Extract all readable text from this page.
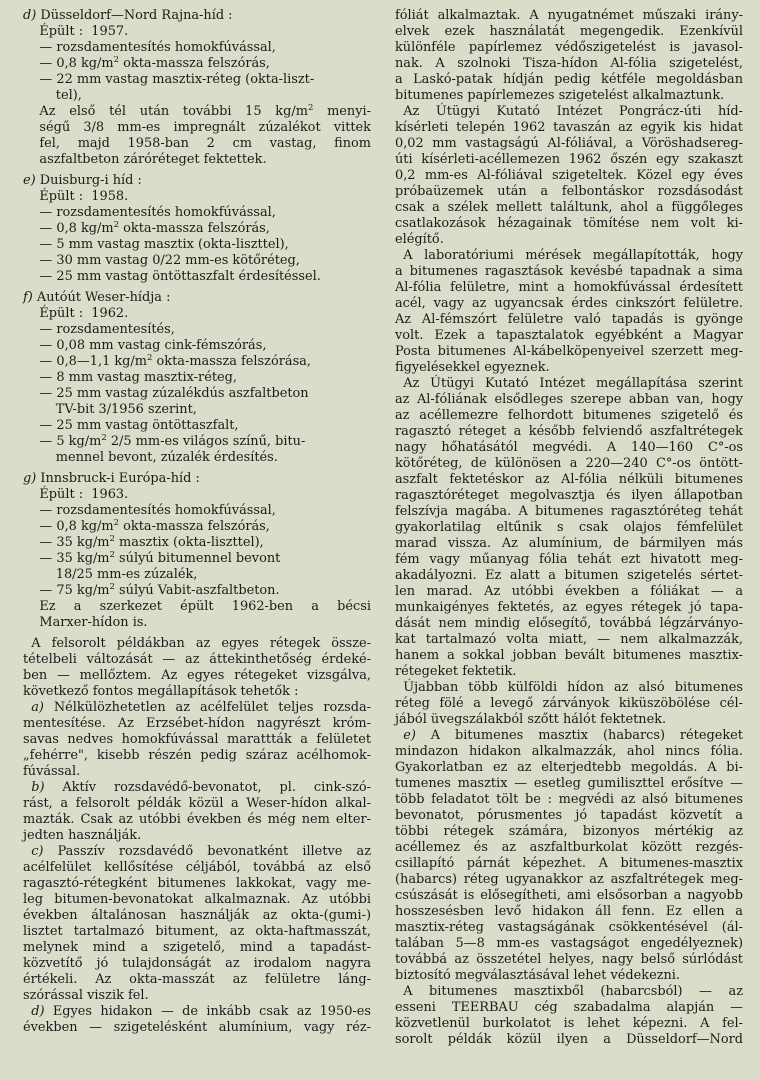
d) Düsseldorf—Nord Rajna-híd :
Épült :  1957.
— rozsdamentesítés homokfúvással,
— 0,8 $kg/m^2$ okta-massza felszórás,
— 22 mm vastag masztix-réteg (okta-liszt-
tel),

Az első tél után további 15 $kg/m^2$ menyi-

ségű 3/8 mm-es impregnált zúzalékot vittek

fel, majd 1958-ban 2 cm vastag, finom
aszfaltbeton záróréteget fektettek.
e) Duisburg-i híd :
Épült :  1958.
— rozsdamentesítés homokfúvással,
— 0,8 $kg/m^2$ okta-massza felszórás,
— 5 mm vastag masztix (okta-liszttel),
— 30 mm vastag 0/22 mm-es kötőréteg,
— 25 mm vastag öntöttaszfalt érdesítéssel.
f) Autóút Weser-hídja :
Épült :  1962.
— rozsdamentesítés,
— 0,08 mm vastag cink-fémszórás,
— 0,8—1,1 $kg/m^2$ okta-massza felszórása,
— 8 mm vastag masztix-réteg,
— 25 mm vastag zúzalékdús aszfaltbeton
TV-bit 3/1956 szerint,
— 25 mm vastag öntöttaszfalt,
— 5 $kg/m^2$ 2/5 mm-es világos színű, bitu-
mennel bevont, zúzalék érdesítés.
g) Innsbruck-i Európa-híd :
Épült :  1963.
— rozsdamentesítés homokfúvással,
— 0,8 $kg/m^2$ okta-massza felszórás,
— 35 $kg/m^2$ masztix (okta-liszttel),
— 35 $kg/m^2$ súlyú bitumennel bevont
18/25 mm-es zúzalék,
— 75 $kg/m^2$ súlyú Vabit-aszfaltbeton.

Ez a szerkezet épült 1962-ben a bécsi
Marxer-hídon is.

A felsorolt példákban az egyes rétegek össze-
tételbeli változását — az áttekinthetőség érdeké-
ben — mellőztem. Az egyes rétegeket vizsgálva,
következő fontos megállapítások tehetők :

a) Nélkülözhetetlen az acélfelület teljes rozsda-
mentesítése. Az Erzsébet-hídon nagyrészt króm-
savas nedves homokfúvással marattták a felületet
„fehérre", kisebb részén pedig száraz acélhomok-
fúvással.

b) Aktív rozsdavédő-bevonatot, pl. cink-szó-
rást, a felsorolt példák közül a Weser-hídon alkal-
mazták. Csak az utóbbi években és még nem elter-
jedten használják.

c) Passzív rozsdavédő bevonatként illetve az
acélfelület kellősítése céljából, továbbá az első
ragasztó-rétegként bitumenes lakkokat, vagy me-
leg bitumen-bevonatokat alkalmaznak. Az utóbbi
években általánosan használják az okta-(gumi-)
lisztet tartalmazó bitument, az okta-haftmasszát,
melynek mind a szigetelő, mind a tapadást-
közvetítő jó tulajdonságát az irodalom nagyra
értékeli. Az okta-masszát az felületre láng-
szórással viszik fel.

d) Egyes hidakon — de inkább csak az 1950-es
években — szigetelésként alumínium, vagy réz-
fóliát alkalmaztak. A nyugatnémet műszaki irány-
elvek ezek használatát megengedik. Ezenkívül
különféle papírlemez védőszigetelést is javasol-
nak. A szolnoki Tisza-hídon Al-fólia szigetelést,
a Laskó-patak hídján pedig kétféle megoldásban
bitumenes papírlemezes szigetelést alkalmaztunk.

Az Útügyi Kutató Intézet Pongrácz-úti híd-
kísérleti telepén 1962 tavaszán az egyik kis hidat
0,02 mm vastagságú Al-fóliával, a Vöröshadsereg-
úti kísérleti-acéllemezen 1962 őszén egy szakaszt
0,2 mm-es Al-fóliával szigeteltek. Közel egy éves
próbaüzemek után a felbontáskor rozsdásodást
csak a szélek mellett találtunk, ahol a függőleges
csatlakozások hézagainak tömítése nem volt ki-
elégítő.

A laboratóriumi mérések megállapították, hogy
a bitumenes ragasztások kevésbé tapadnak a sima
Al-fólia felületre, mint a homokfúvással érdesített
acél, vagy az ugyancsak érdes cinkszórt felületre.
Az Al-fémszórt felületre való tapadás is gyönge
volt. Ezek a tapasztalatok egyébként a Magyar
Posta bitumenes Al-kábelköpenyeivel szerzett meg-
figyelésekkel egyeznek.

Az Útügyi Kutató Intézet megállapítása szerint
az Al-fóliának elsődleges szerepe abban van, hogy
az acéllemezre felhordott bitumenes szigetelő és
ragasztó réteget a később felviendő aszfaltrétegek
nagy hőhatásától megvédi. A 140—160 C°-os
kötőréteg, de különösen a 220—240 C°-os öntött-
aszfalt fektetéskor az Al-fólia nélküli bitumenes
ragasztóréteget megolvasztja és ilyen állapotban
felszívja magába. A bitumenes ragasztóréteg tehát
gyakorlatilag eltűnik s csak olajos fémfelület
marad vissza. Az alumínium, de bármilyen más
fém vagy műanyag fólia tehát ezt hivatott meg-
akadályozni. Ez alatt a bitumen szigetelés sértet-
len marad. Az utóbbi években a fóliákat — a
munkaigényes fektetés, az egyes rétegek jó tapa-
dását nem mindig elősegítő, továbbá légzárványo-
kat tartalmazó volta miatt, — nem alkalmazzák,
hanem a sokkal jobban bevált bitumenes masztix-
rétegeket fektetik.

Újabban több külföldi hídon az alsó bitumenes
réteg fölé a levegő zárványok kiküszöbölése cél-
jából üvegszálakból szőtt hálót fektetnek.

e) A bitumenes masztix (habarcs) rétegeket
mindazon hidakon alkalmazzák, ahol nincs fólia.
Gyakorlatban ez az elterjedtebb megoldás. A bi-
tumenes masztix — esetleg gumiliszttel erősítve —
több feladatot tölt be : megvédi az alsó bitumenes
bevonatot, pórusmentes jó tapadást közvetít a
többi rétegek számára, bizonyos mértékig az
acéllemez és az aszfaltburkolat között rezgés-
csillapító párnát képezhet. A bitumenes-masztix
(habarcs) réteg ugyanakkor az aszfaltrétegek meg-
csúszását is elősegítheti, ami elsősorban a nagyobb
hosszesésben levő hidakon áll fenn. Ez ellen a
masztix-réteg vastagságának csökkentésével (ál-
talában 5—8 mm-es vastagságot engedélyeznek)
továbbá az összetétel helyes, nagy belső súrlódást
biztosító megválasztásával lehet védekezni.

A bitumenes masztixből (habarcsból) — az
esseni TEERBAU cég szabadalma alapján —
közvetlenül burkolatot is lehet képezni. A fel-
sorolt példák közül ilyen a Düsseldorf—Nord
